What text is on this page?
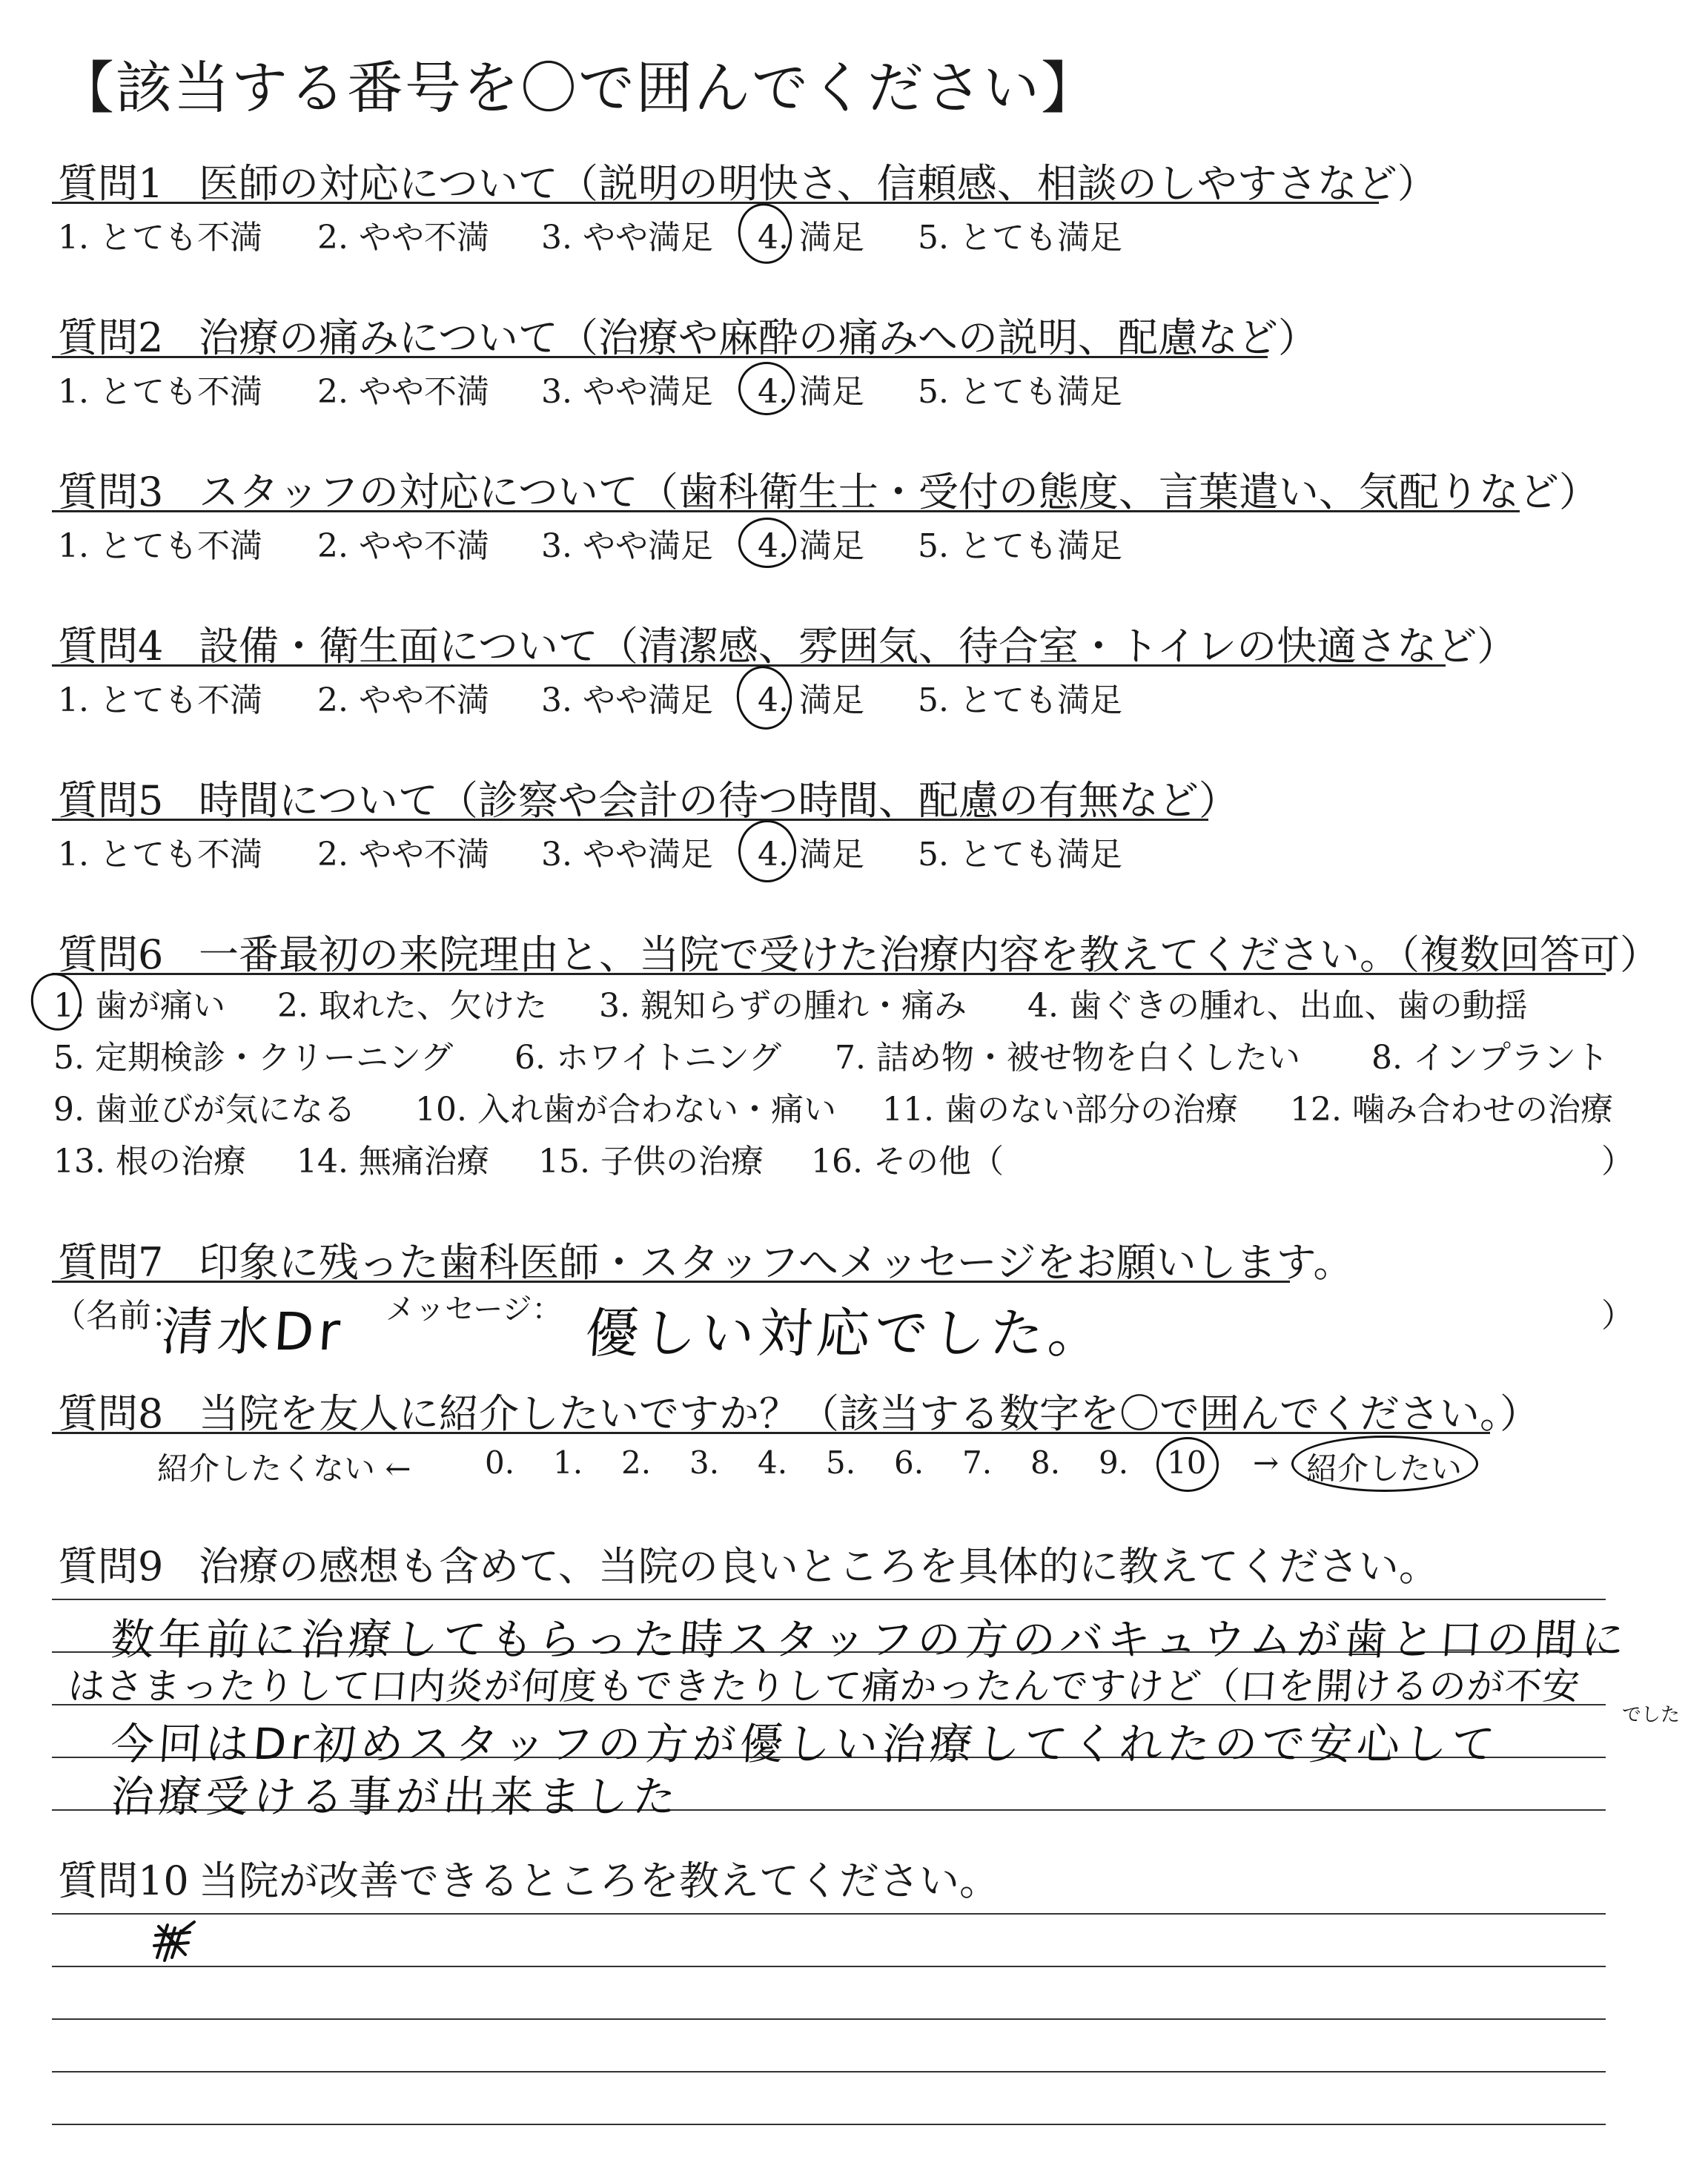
【該当する番号を〇で囲んでください】
質問1 医師の対応について（説明の明快さ、信頼感、相談のしやすさなど）
質問2 治療の痛みについて（治療や麻酔の痛みへの説明、配慮など）
質問3 スタッフの対応について（歯科衛生士・受付の態度、言葉遣い、気配りなど）
質問4 設備・衛生面について（清潔感、雰囲気、待合室・トイレの快適さなど）
質問5 時間について（診察や会計の待つ時間、配慮の有無など）
1. とても不満 2. やや不満 3. やや満足 4. 満足 5. とても満足
1. とても不満 2. やや不満 3. やや満足 4. 満足 5. とても満足
1. とても不満 2. やや不満 3. やや満足 4. 満足 5. とても満足
1. とても不満 2. やや不満 3. やや満足 4. 満足 5. とても満足
1. とても不満 2. やや不満 3. やや満足 4. 満足 5. とても満足
質問6 一番最初の来院理由と、当院で受けた治療内容を教えてください。（複数回答可）
1. 歯が痛い 2. 取れた、欠けた 3. 親知らずの腫れ・痛み 4. 歯ぐきの腫れ、出血、歯の動揺
5. 定期検診・クリーニング 6. ホワイトニング 7. 詰め物・被せ物を白くしたい 8. インプラント
9. 歯並びが気になる 10. 入れ歯が合わない・痛い 11. 歯のない部分の治療 12. 噛み合わせの治療
13. 根の治療 14. 無痛治療 15. 子供の治療 16. その他（	）
質問7 印象に残った歯科医師・スタッフへメッセージをお願いします。
（名前：
清水Dr メッセージ： 優しい対応でした。	）
質問8 当院を友人に紹介したいですか？（該当する数字を〇で囲んでください。）
紹介したくない ← 0. 1. 2. 3. 4. 5. 6. 7. 8. 9. 10 → 紹介したい
質問9 治療の感想も含めて、当院の良いところを具体的に教えてください。
数年前に治療してもらった時スタッフの方のバキュウムが歯と口の間に
はさまったりして口内炎が何度もできたりして痛かったんですけど（口を開けるのが不安
今回はDr初めスタッフの方が優しい治療してくれたので安心して
治療受ける事が出来ました
でした
質問10 当院が改善できるところを教えてください。
